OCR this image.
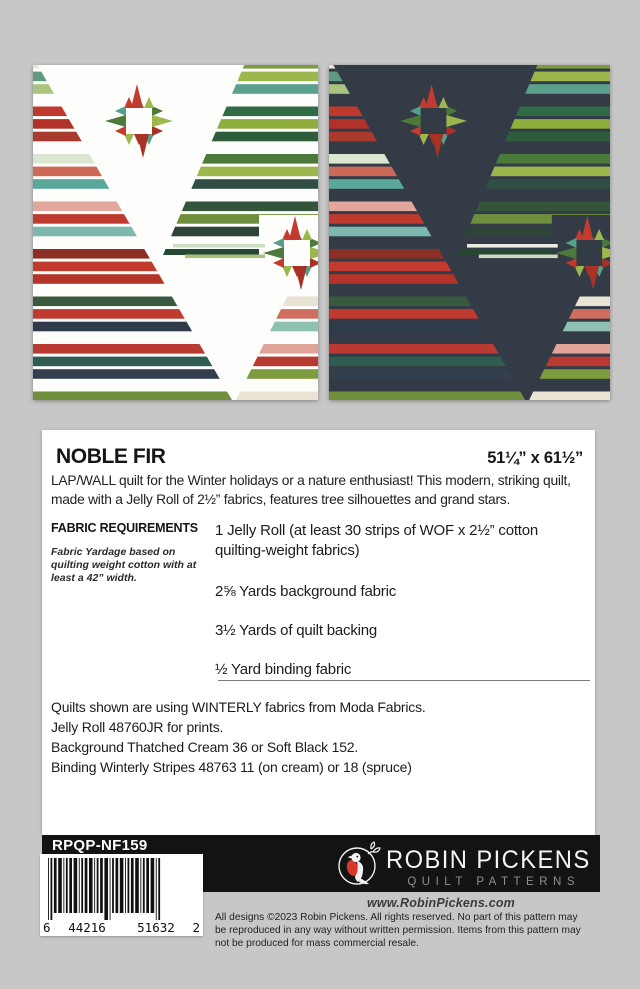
NOBLE FIR	51¼” x 61½”
LAP/WALL quilt for the Winter holidays or a nature enthusiast! This modern, striking quilt, made with a Jelly Roll of 2½” fabrics, features tree silhouettes and grand stars.
FABRIC REQUIREMENTS
Fabric Yardage based on quilting weight cotton with at least a 42” width.
1 Jelly Roll (at least 30 strips of WOF x 2½” cotton quilting-weight fabrics)
2⅝ Yards background fabric
3½ Yards of quilt backing
½ Yard binding fabric
Quilts shown are using WINTERLY fabrics from Moda Fabrics.
Jelly Roll 48760JR for prints.
Background Thatched Cream 36 or Soft Black 152.
Binding Winterly Stripes 48763 11 (on cream) or 18 (spruce)
RPQP-NF159	ROBIN PICKENS
QUILT PATTERNS
6	44216	51632	2
www.RobinPickens.com
All designs ©2023 Robin Pickens. All rights reserved. No part of this pattern may be reproduced in any way without written permission. Items from this pattern may not be produced for mass commercial resale.
